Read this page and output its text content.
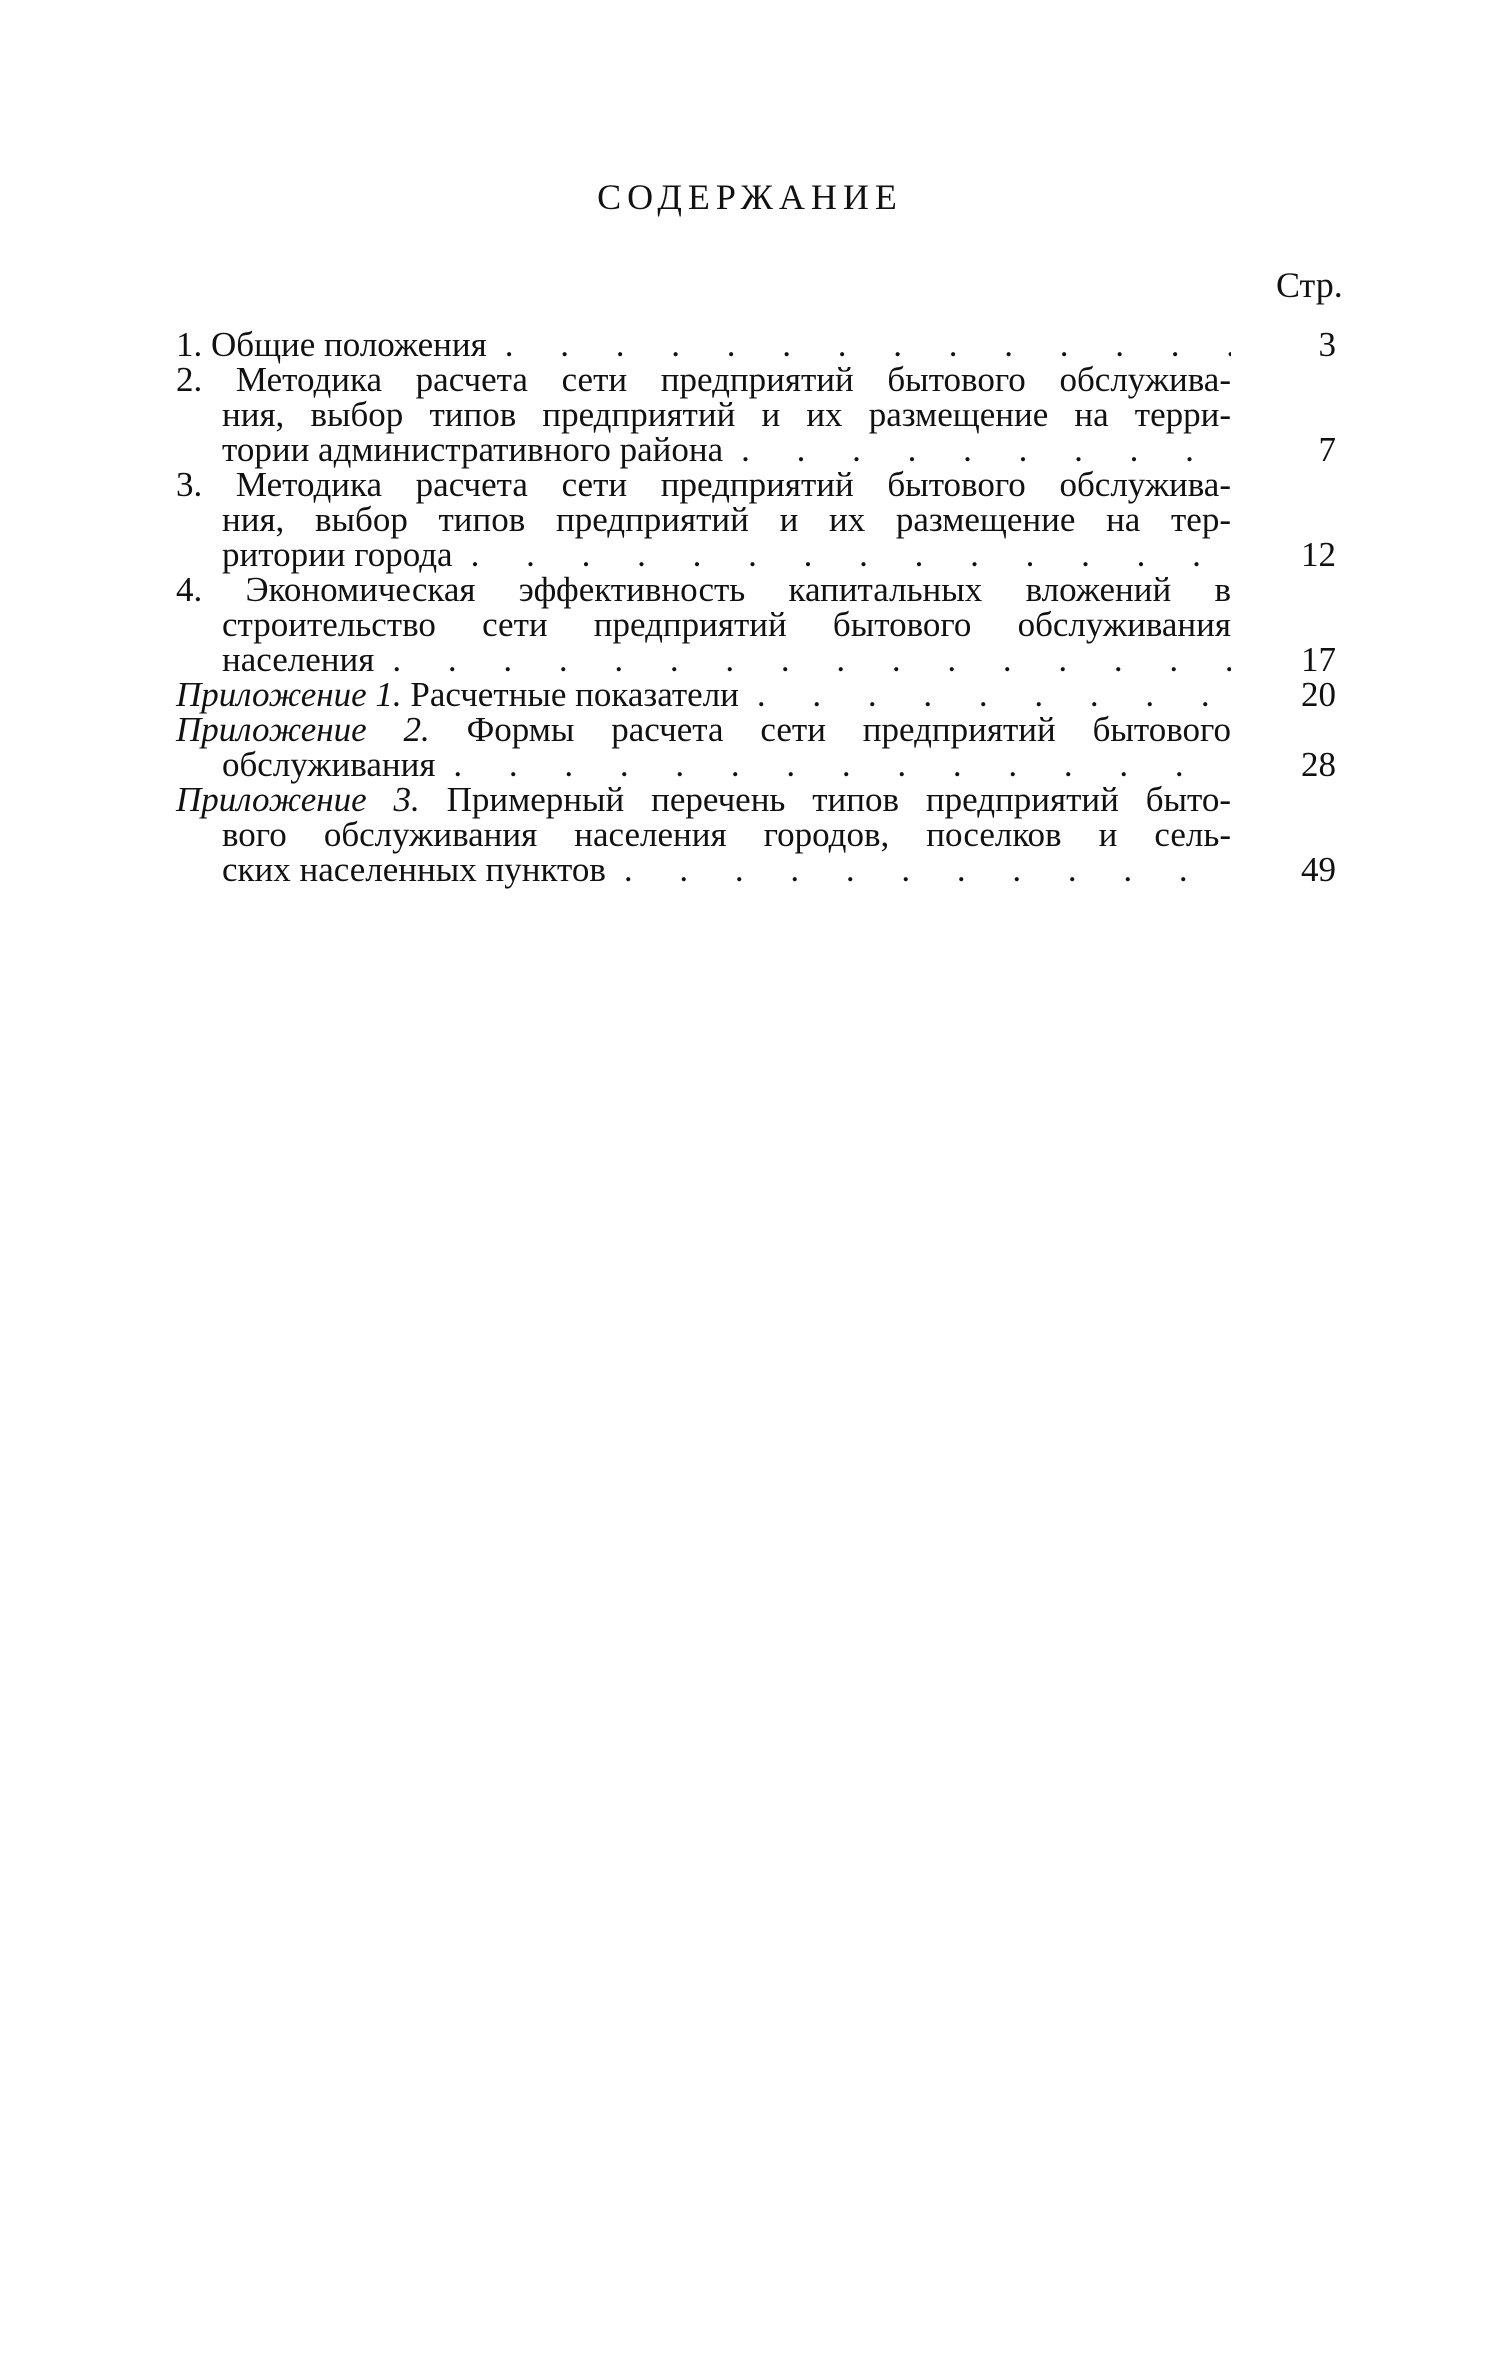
СОДЕРЖАНИЕ
Стр.
1.
Общие положения . . .	3
2. Методика расчета сети предприятий бытового обслужива-
ния, выбор типов предприятий и их размещение на терри-
тории административного района . . .	7
3. Методика расчета сети предприятий бытового обслужива-
ния, выбор типов предприятий и их размещение на тер-
ритории города . . .	12
4. Экономическая эффективность капитальных вложений в
строительство сети предприятий бытового обслуживания
населения . . .	17
Приложение 1.
Расчетные показатели . . .	20
Приложение 2. Формы расчета сети предприятий бытового
обслуживания . . .	28
Приложение 3. Примерный перечень типов предприятий быто-
вого обслуживания населения городов, поселков и сель-
ских населенных пунктов . . .	49
